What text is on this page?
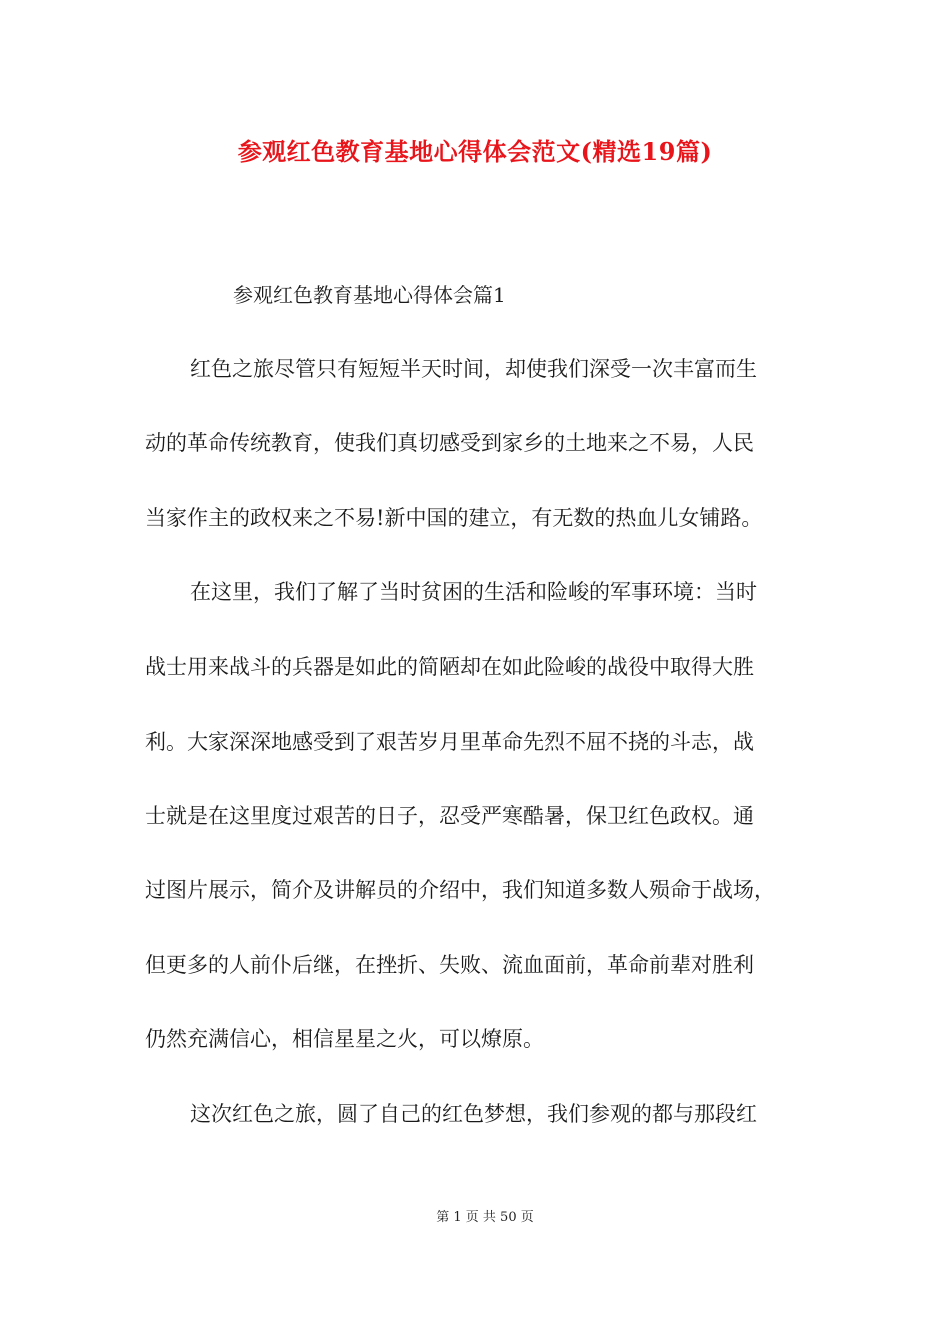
参观红色教育基地心得体会范文(精选19篇)
参观红色教育基地心得体会篇1
红色之旅尽管只有短短半天时间，却使我们深受一次丰富而生
动的革命传统教育，使我们真切感受到家乡的土地来之不易，人民
当家作主的政权来之不易!新中国的建立，有无数的热血儿女铺路。
在这里，我们了解了当时贫困的生活和险峻的军事环境：当时
战士用来战斗的兵器是如此的简陋却在如此险峻的战役中取得大胜
利。大家深深地感受到了艰苦岁月里革命先烈不屈不挠的斗志，战
士就是在这里度过艰苦的日子，忍受严寒酷暑，保卫红色政权。通
过图片展示，简介及讲解员的介绍中，我们知道多数人殒命于战场，
但更多的人前仆后继，在挫折、失败、流血面前，革命前辈对胜利
仍然充满信心，相信星星之火，可以燎原。
这次红色之旅，圆了自己的红色梦想，我们参观的都与那段红
第 1 页 共 50 页
